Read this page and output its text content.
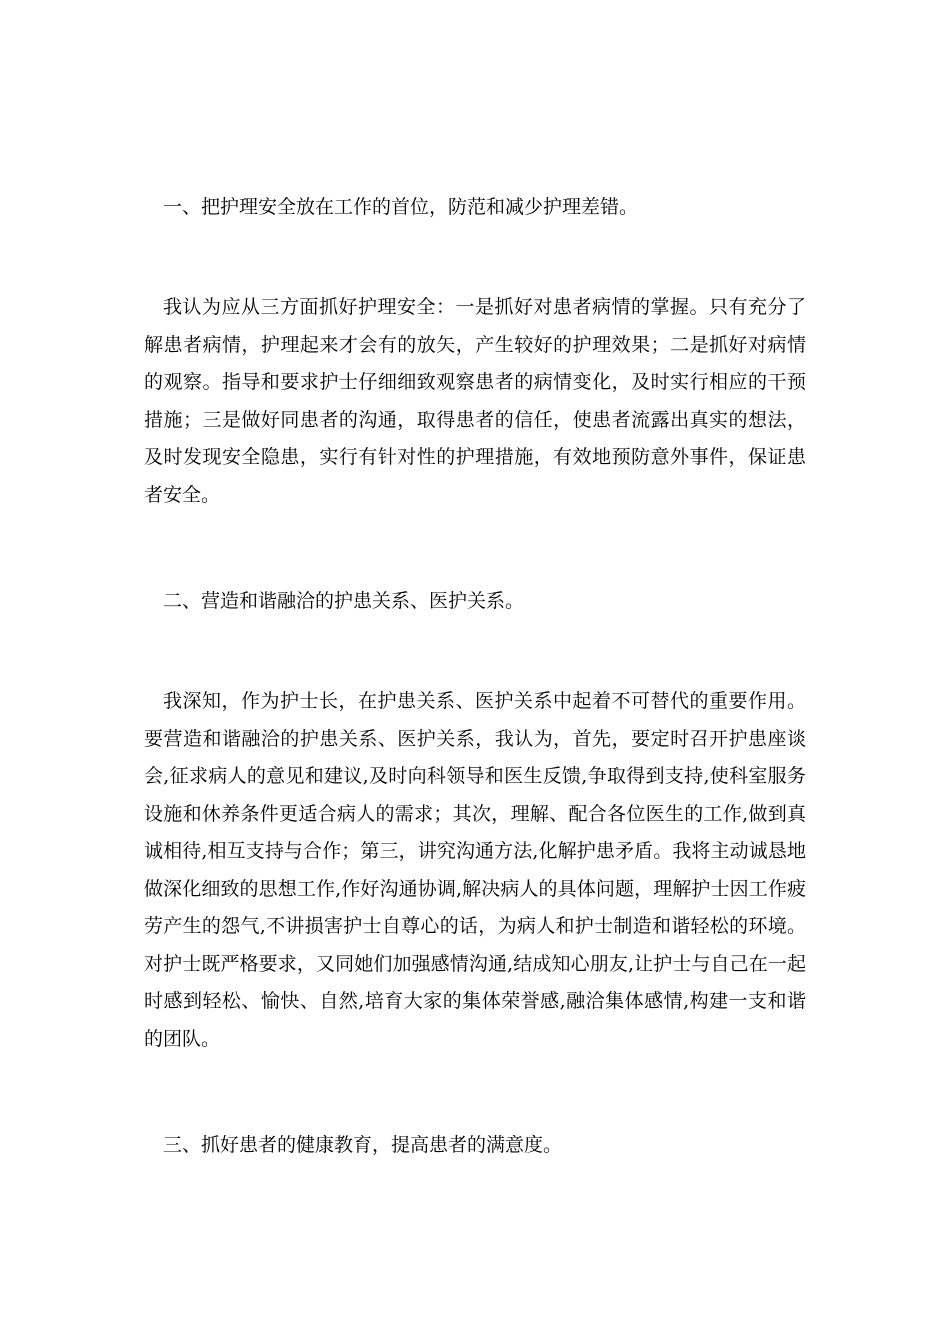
一、把护理安全放在工作的首位，防范和减少护理差错。

我认为应从三方面抓好护理安全：一是抓好对患者病情的掌握。只有充分了解患者病情，护理起来才会有的放矢，产生较好的护理效果；二是抓好对病情的观察。指导和要求护士仔细细致观察患者的病情变化，及时实行相应的干预措施；三是做好同患者的沟通，取得患者的信任，使患者流露出真实的想法，及时发现安全隐患，实行有针对性的护理措施，有效地预防意外事件，保证患者安全。

二、营造和谐融洽的护患关系、医护关系。

我深知，作为护士长，在护患关系、医护关系中起着不可替代的重要作用。要营造和谐融洽的护患关系、医护关系，我认为，首先，要定时召开护患座谈会,征求病人的意见和建议,及时向科领导和医生反馈,争取得到支持,使科室服务设施和休养条件更适合病人的需求；其次，理解、配合各位医生的工作,做到真诚相待,相互支持与合作；第三，讲究沟通方法,化解护患矛盾。我将主动诚恳地做深化细致的思想工作,作好沟通协调,解决病人的具体问题，理解护士因工作疲劳产生的怨气,不讲损害护士自尊心的话，为病人和护士制造和谐轻松的环境。对护士既严格要求，又同她们加强感情沟通,结成知心朋友,让护士与自己在一起时感到轻松、愉快、自然,培育大家的集体荣誉感,融洽集体感情,构建一支和谐的团队。

三、抓好患者的健康教育，提高患者的满意度。
